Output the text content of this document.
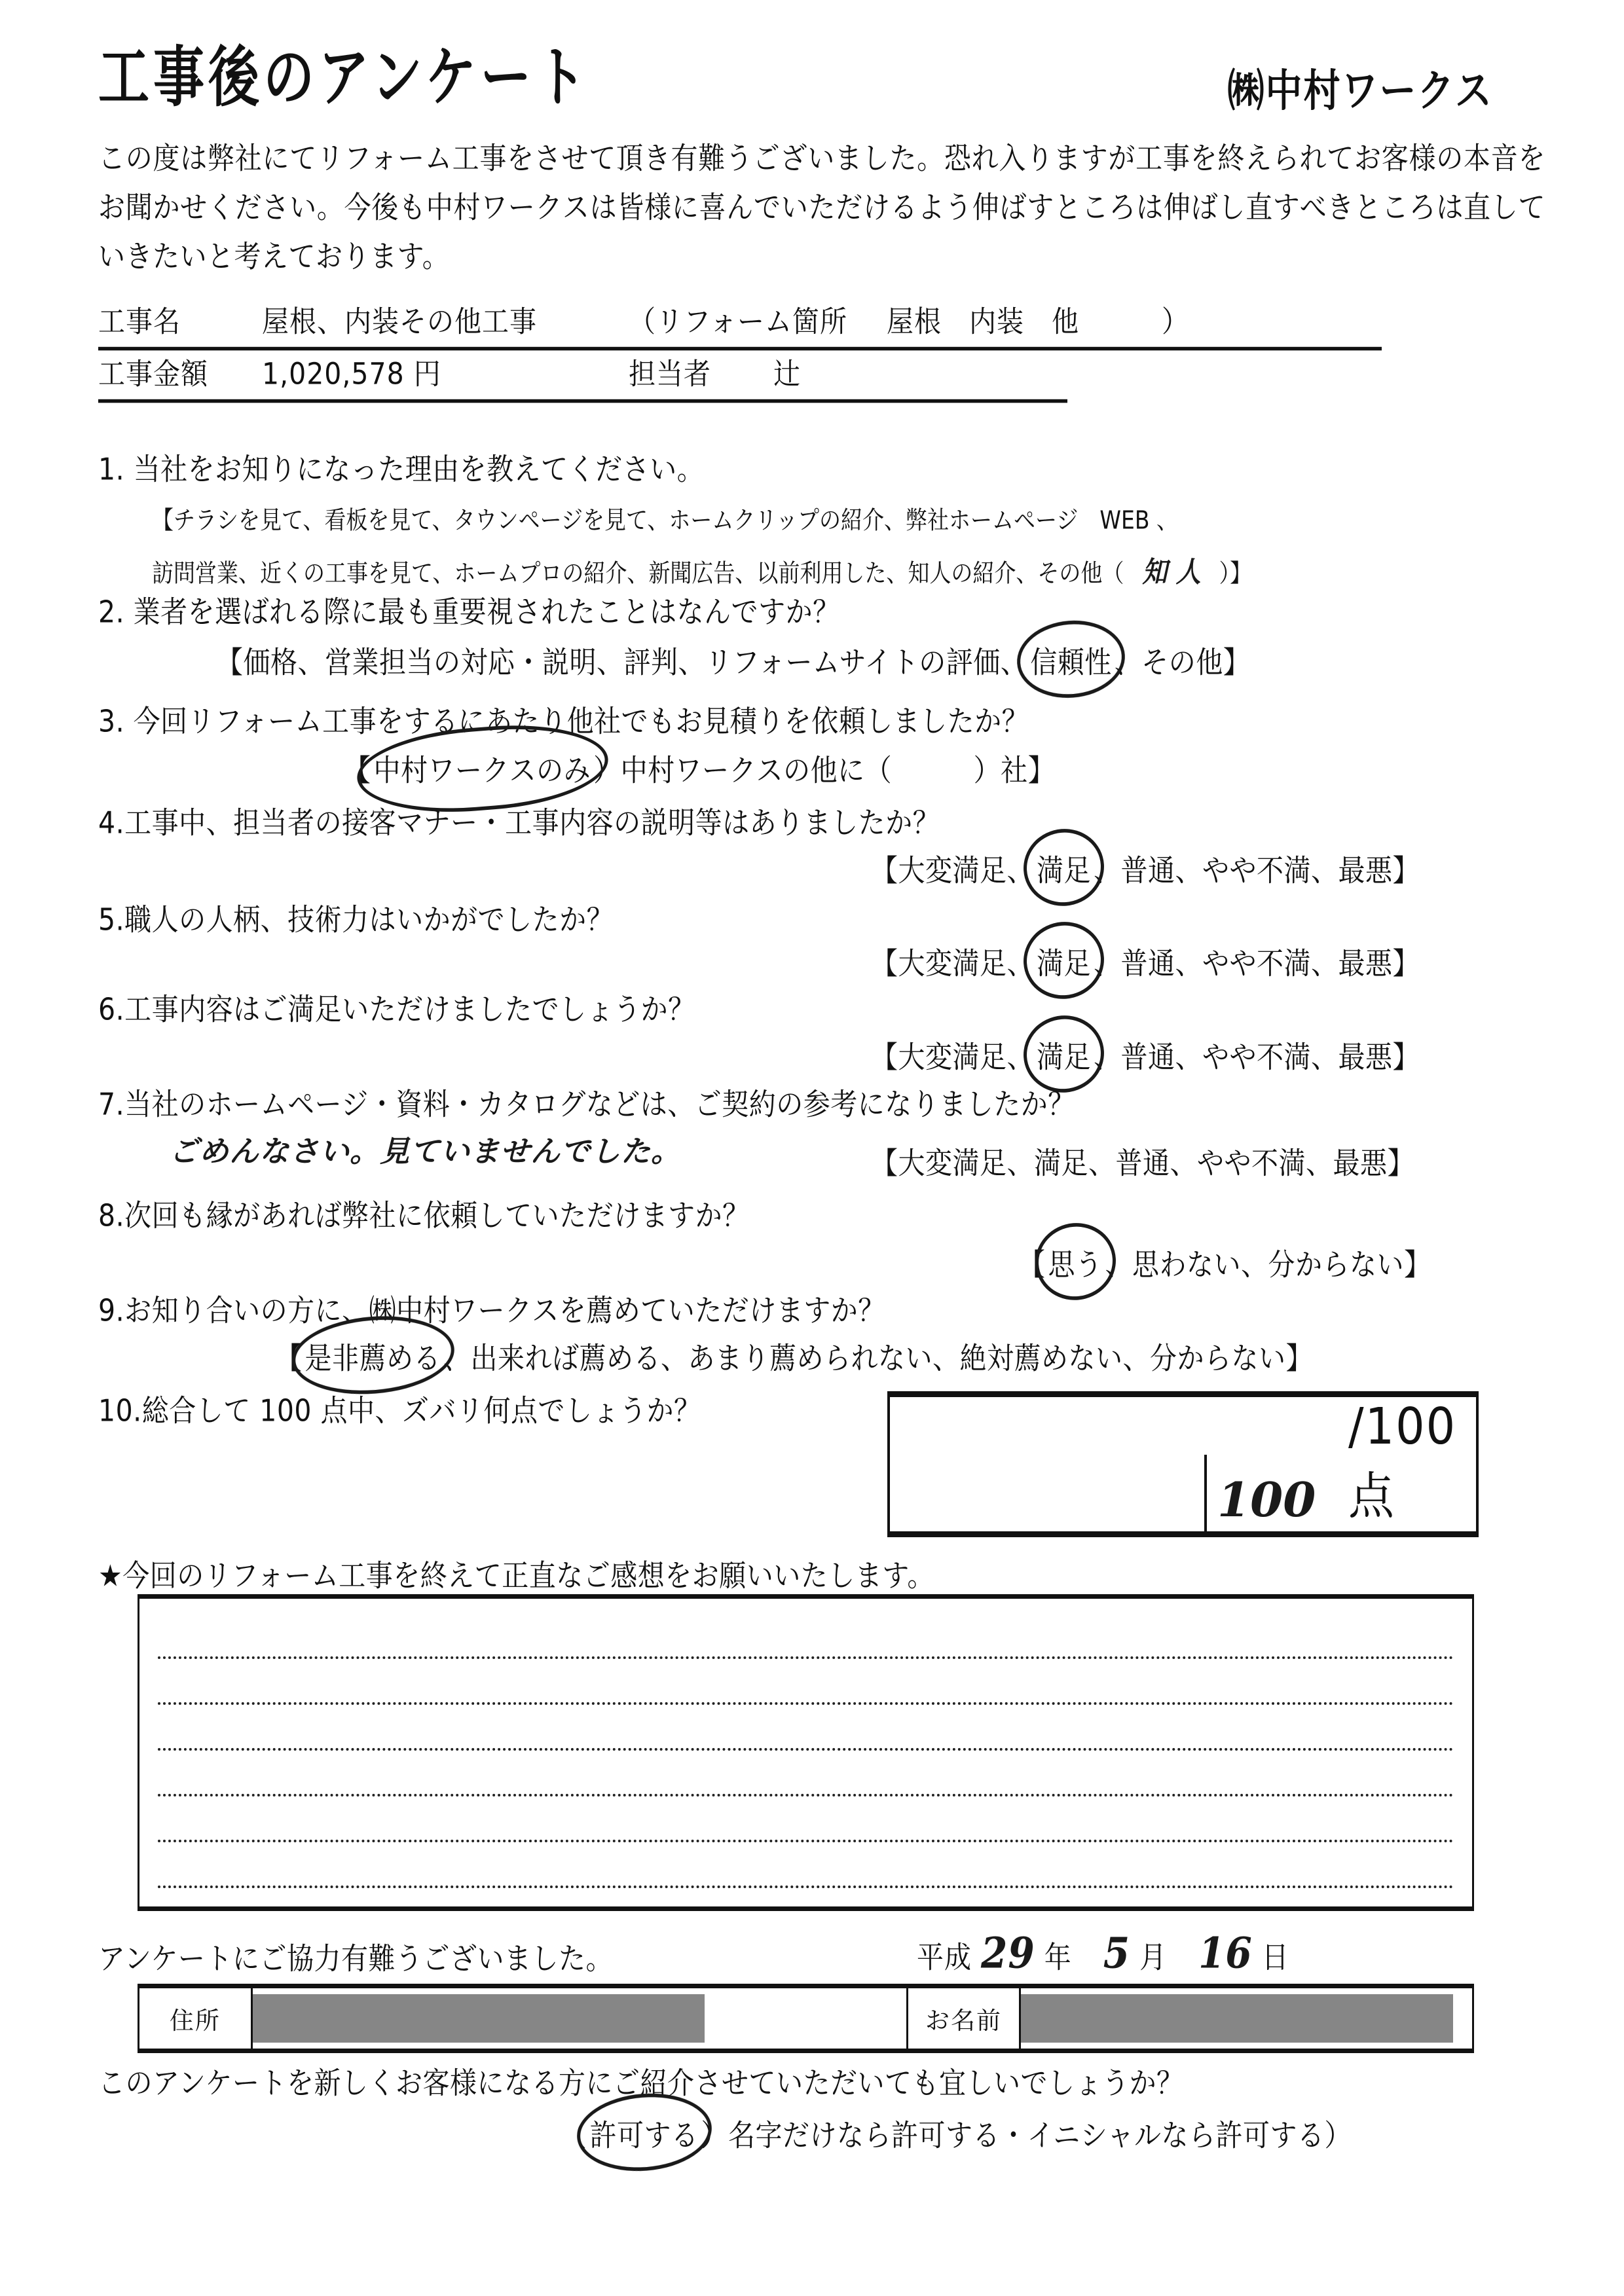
工事後のアンケート	㈱中村ワークス
この度は弊社にてリフォーム工事をさせて頂き有難うございました。恐れ入りますが工事を終えられてお客様の本音をお聞かせください。今後も中村ワークスは皆様に喜んでいただけるよう伸ばすところは伸ばし直すべきところは直していきたいと考えております。
工事名	屋根、内装その他工事	（リフォーム箇所 屋根　内装　他　　　）
工事金額 1,020,578 円	担当者 辻
1. 当社をお知りになった理由を教えてください。
【チラシを見て、看板を見て、タウンページを見て、ホームクリップの紹介、弊社ホームページ　WEB 、
訪問営業、近くの工事を見て、ホームプロの紹介、新聞広告、以前利用した、知人の紹介、その他（ 知 人 ）】
2. 業者を選ばれる際に最も重要視されたことはなんですか？
【価格、営業担当の対応・説明、評判、リフォームサイトの評価、信頼性、その他】
3. 今回リフォーム工事をするにあたり他社でもお見積りを依頼しましたか？
【中村ワークスのみ）中村ワークスの他に（　　　）社】
4.工事中、担当者の接客マナー・工事内容の説明等はありましたか？
【大変満足、満足、普通、やや不満、最悪】
5.職人の人柄、技術力はいかがでしたか？
【大変満足、満足、普通、やや不満、最悪】
6.工事内容はご満足いただけましたでしょうか？
【大変満足、満足、普通、やや不満、最悪】
7.当社のホームページ・資料・カタログなどは、ご契約の参考になりましたか？
【大変満足、満足、普通、やや不満、最悪】
ごめんなさい。見ていませんでした。
8.次回も縁があれば弊社に依頼していただけますか？
【思う、思わない、分からない】
9.お知り合いの方に、㈱中村ワークスを薦めていただけますか？
【是非薦める、出来れば薦める、あまり薦められない、絶対薦めない、分からない】
10.総合して 100 点中、ズバリ何点でしょうか？
100
/100 点
★今回のリフォーム工事を終えて正直なご感想をお願いいたします。
アンケートにご協力有難うございました。	平成 29 年 5 月 16 日
住所	お名前
このアンケートを新しくお客様になる方にご紹介させていただいても宜しいでしょうか？
（許可する）名字だけなら許可する・イニシャルなら許可する）
